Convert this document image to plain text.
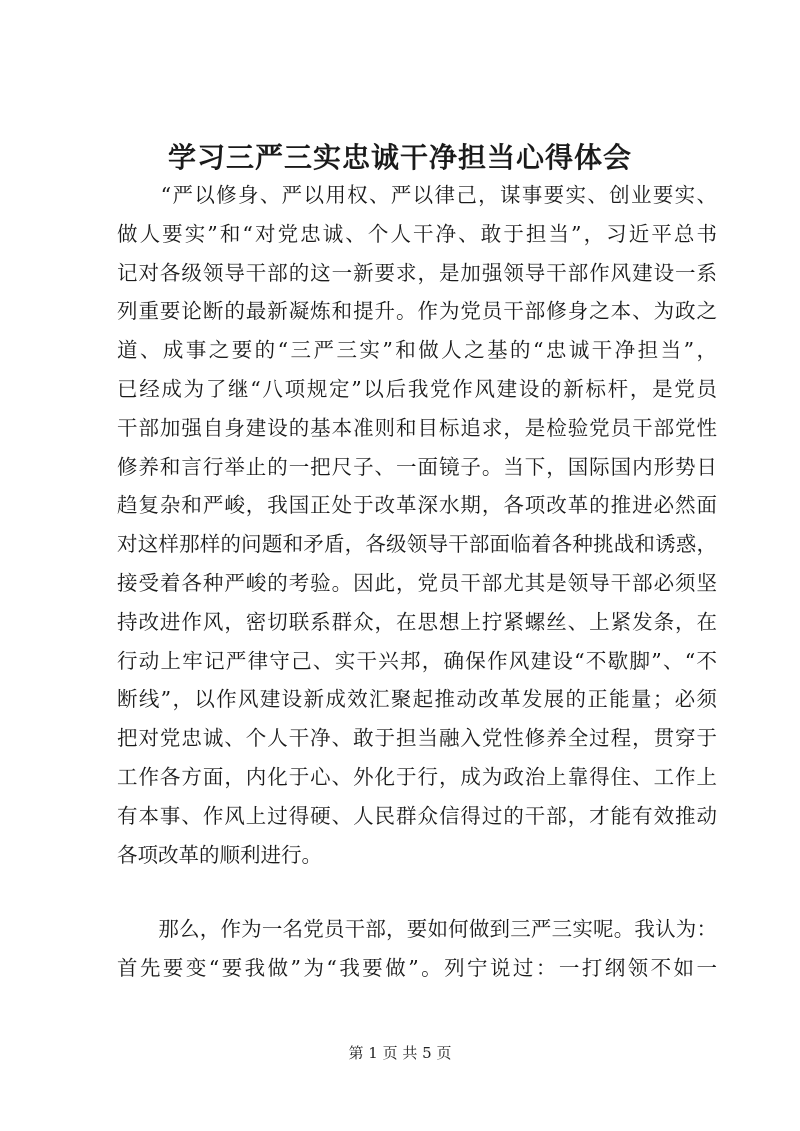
学习三严三实忠诚干净担当心得体会
　　“严以修身、严以用权、严以律己，谋事要实、创业要实、
做人要实”和“对党忠诚、个人干净、敢于担当”，习近平总书
记对各级领导干部的这一新要求，是加强领导干部作风建设一系
列重要论断的最新凝炼和提升。作为党员干部修身之本、为政之
道、成事之要的“三严三实”和做人之基的“忠诚干净担当”，
已经成为了继“八项规定”以后我党作风建设的新标杆，是党员
干部加强自身建设的基本准则和目标追求，是检验党员干部党性
修养和言行举止的一把尺子、一面镜子。当下，国际国内形势日
趋复杂和严峻，我国正处于改革深水期，各项改革的推进必然面
对这样那样的问题和矛盾，各级领导干部面临着各种挑战和诱惑，
接受着各种严峻的考验。因此，党员干部尤其是领导干部必须坚
持改进作风，密切联系群众，在思想上拧紧螺丝、上紧发条，在
行动上牢记严律守己、实干兴邦，确保作风建设“不歇脚”、“不
断线”，以作风建设新成效汇聚起推动改革发展的正能量；必须
把对党忠诚、个人干净、敢于担当融入党性修养全过程，贯穿于
工作各方面，内化于心、外化于行，成为政治上靠得住、工作上
有本事、作风上过得硬、人民群众信得过的干部，才能有效推动
各项改革的顺利进行。
　　那么，作为一名党员干部，要如何做到三严三实呢。我认为：
首先要变“要我做”为“我要做”。列宁说过：一打纲领不如一
第 1 页 共 5 页
